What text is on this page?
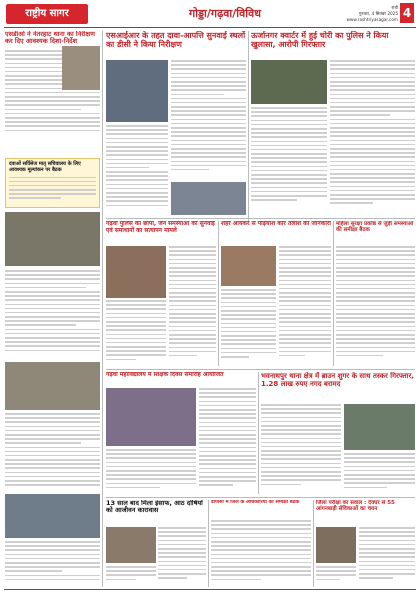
राष्ट्रीय सागर	गोड्डा/गढ़वा/विविध	रांची
गुरुवार, 4 सितंबर 2025
www.rashtriyasagar.com 4
एसडीओ ने नेतरहाट थाना का निरीक्षण कर दिए आवश्यक दिशा-निर्देश
दवाओं सर्विसेज मातृ सचिवालय के लिए आवश्यक मूल्यांकन पर बैठक
एसआईआर के तहत दावा-आपत्ति सुनवाई स्थलों का डीसी ने किया निरीक्षण
ऊर्जानगर क्वार्टर में हुई चोरी का पुलिस ने किया खुलासा, आरोपी गिरफ्तार
गढ़वा पुलिस का छापा, जन समस्याओं की सुनवाई एवं समाधानों का सत्यापन मामले
शहर आयकर से पढ़ियांश कार तलाश की जानकारी महिला सुरक्षा प्रकोष्ठ से जुड़ी समस्याओं की समीक्षा बैठक
गढ़वा महाविद्यालय में शिक्षक दिवस समारोह आयोजित	भवनाथपुर थाना क्षेत्र में ब्राउन शुगर के साथ तस्कर गिरफ्तार, 1.28 लाख रुपए नगद बरामद
13 साल बाद मिला इंसाफ, आठ दोषियों को आजीवन कारावास
डीपीसी में जिले के अधिकारियों की समीक्षा बैठक	जिला परीक्षा का सवाल : देवघर से 55 आंगनबाड़ी सेविकाओं का चयन
